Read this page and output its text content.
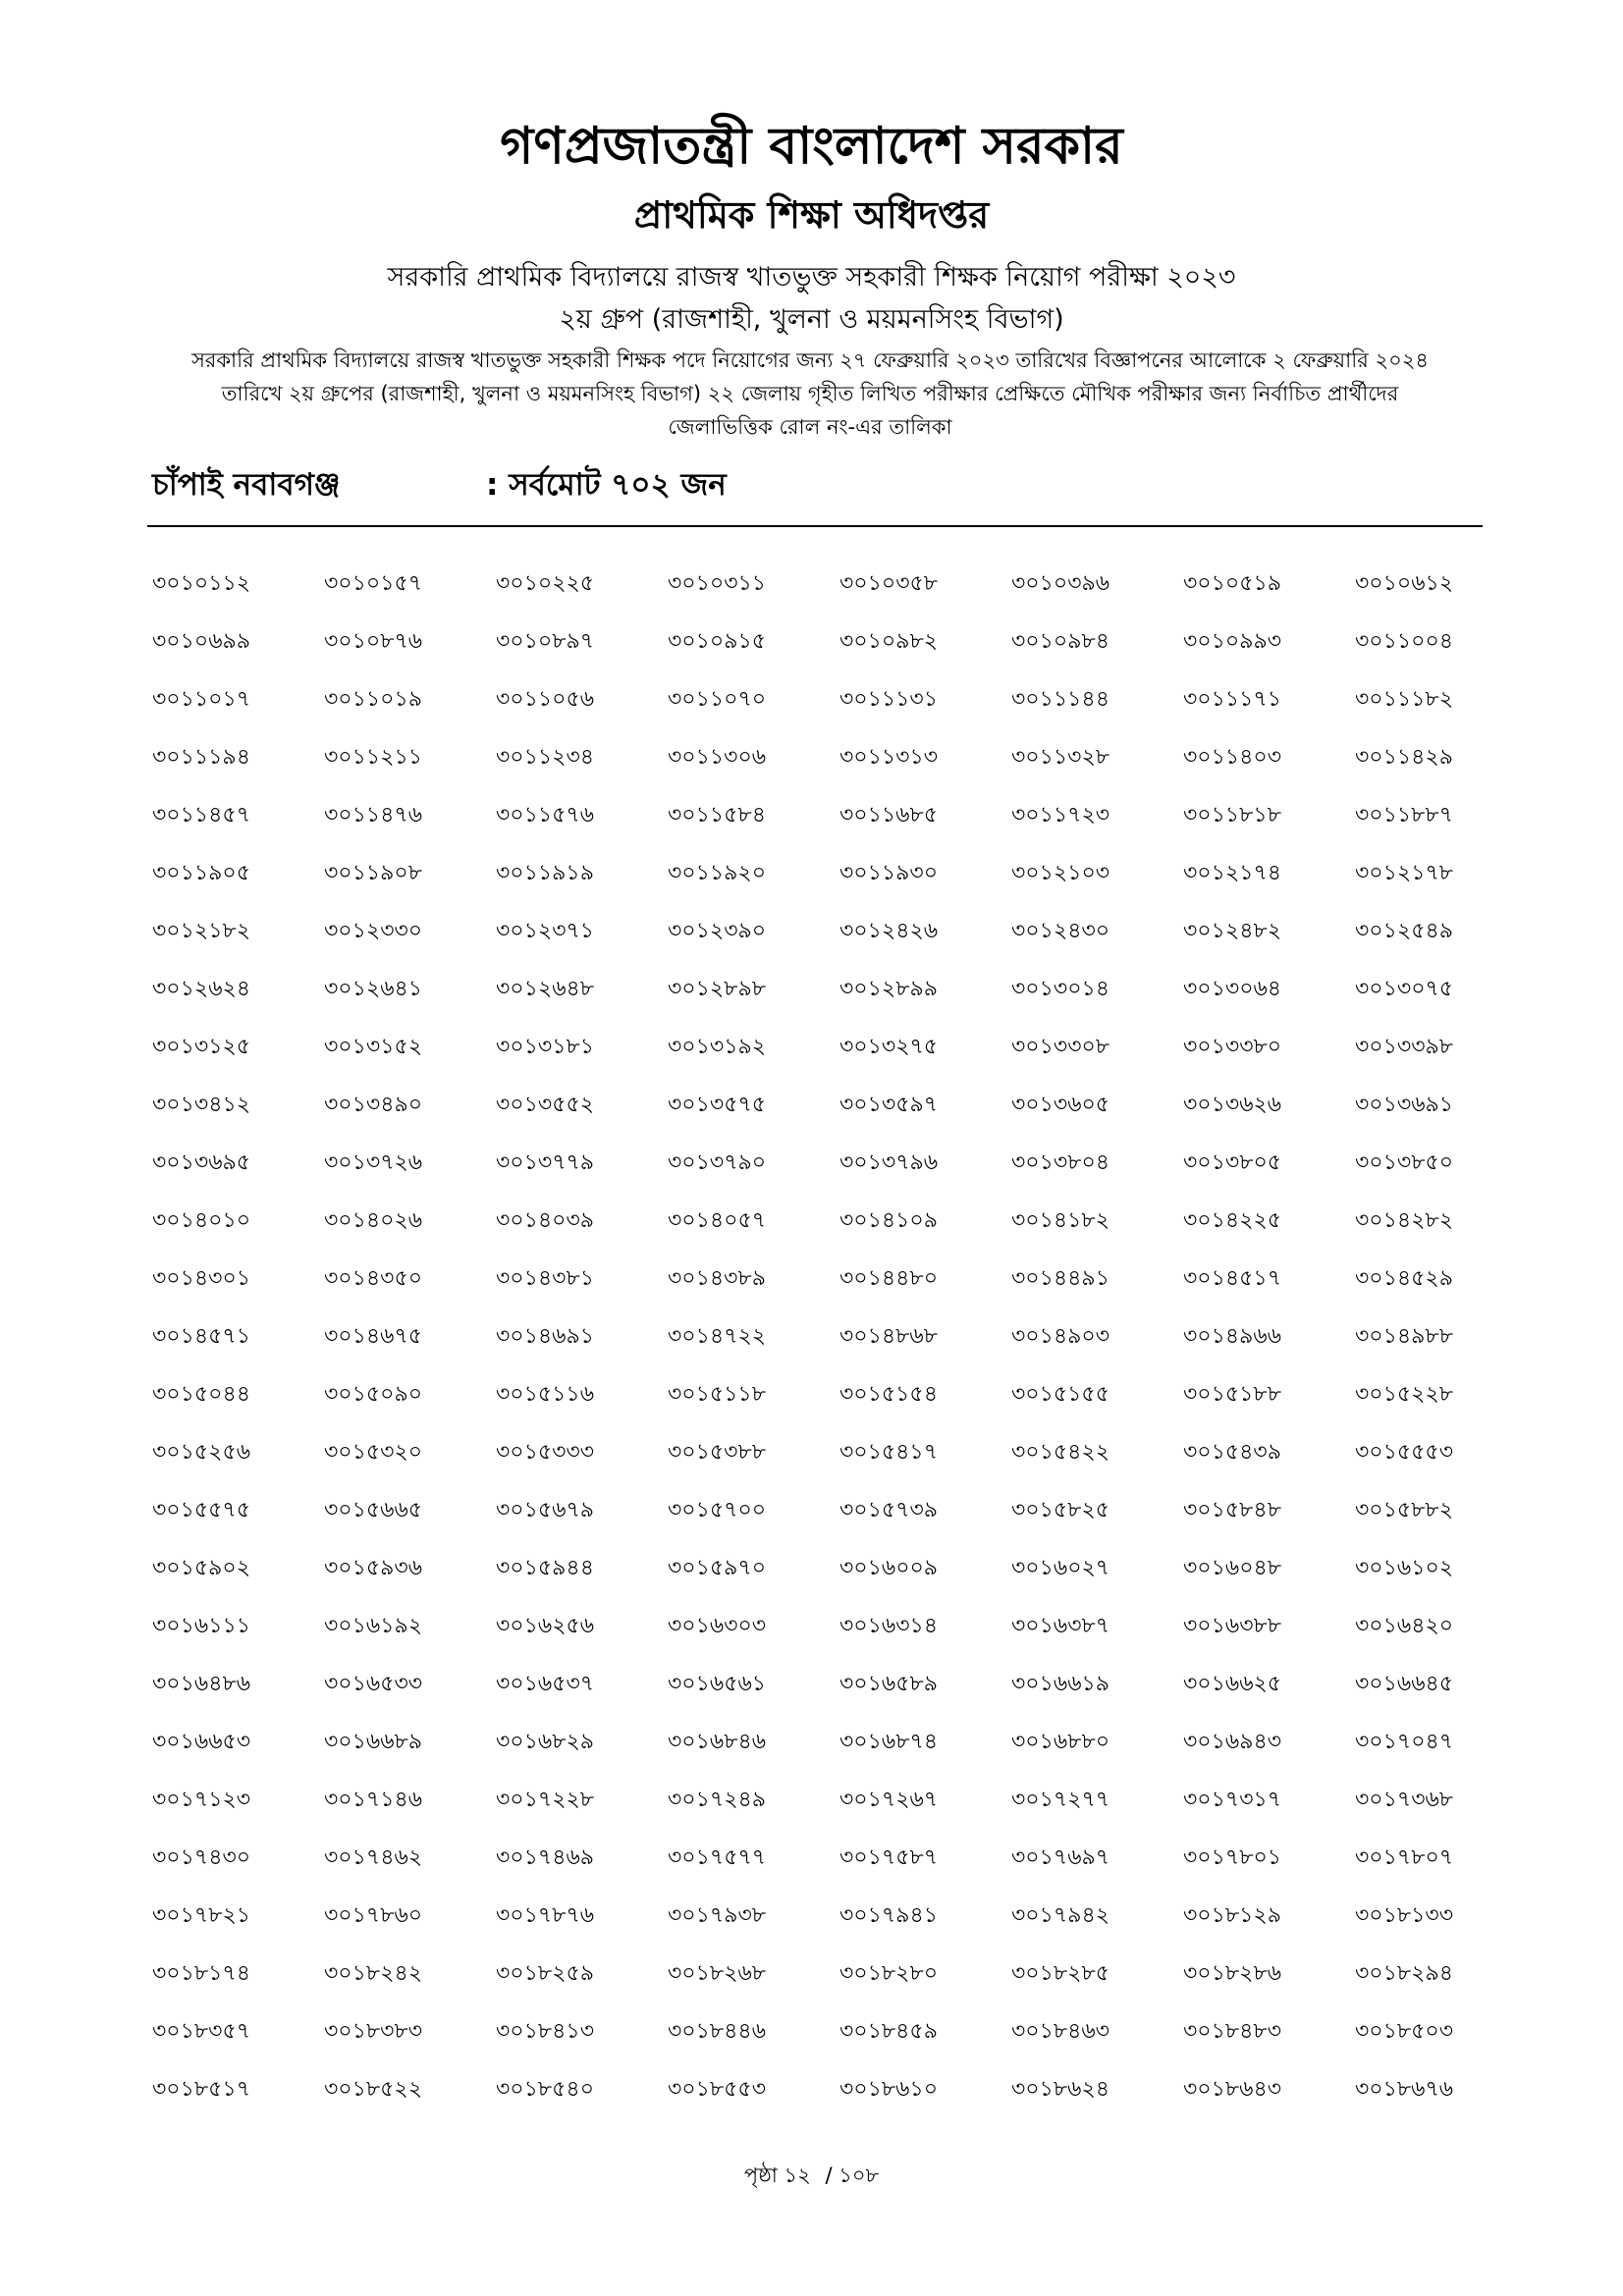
গণপ্রজাতন্ত্রী বাংলাদেশ সরকার
প্রাথমিক শিক্ষা অধিদপ্তর
সরকারি প্রাথমিক বিদ্যালয়ে রাজস্ব খাতভুক্ত সহকারী শিক্ষক নিয়োগ পরীক্ষা ২০২৩
২য় গ্রুপ (রাজশাহী, খুলনা ও ময়মনসিংহ বিভাগ)
সরকারি প্রাথমিক বিদ্যালয়ে রাজস্ব খাতভুক্ত সহকারী শিক্ষক পদে নিয়োগের জন্য ২৭ ফেব্রুয়ারি ২০২৩ তারিখের বিজ্ঞাপনের আলোকে ২ ফেব্রুয়ারি ২০২৪ তারিখে ২য় গ্রুপের (রাজশাহী, খুলনা ও ময়মনসিংহ বিভাগ) ২২ জেলায় গৃহীত লিখিত পরীক্ষার প্রেক্ষিতে মৌখিক পরীক্ষার জন্য নির্বাচিত প্রার্থীদের জেলাভিত্তিক রোল নং-এর তালিকা
চাঁপাই নবাবগঞ্জ	: সর্বমোট ৭০২ জন
৩০১০১১২	৩০১০১৫৭	৩০১০২২৫	৩০১০৩১১	৩০১০৩৫৮	৩০১০৩৯৬	৩০১০৫১৯	৩০১০৬১২
৩০১০৬৯৯	৩০১০৮৭৬	৩০১০৮৯৭	৩০১০৯১৫	৩০১০৯৮২	৩০১০৯৮৪	৩০১০৯৯৩	৩০১১০০৪
৩০১১০১৭	৩০১১০১৯	৩০১১০৫৬	৩০১১০৭০	৩০১১১৩১	৩০১১১৪৪	৩০১১১৭১	৩০১১১৮২
৩০১১১৯৪	৩০১১২১১	৩০১১২৩৪	৩০১১৩০৬	৩০১১৩১৩	৩০১১৩২৮	৩০১১৪০৩	৩০১১৪২৯
৩০১১৪৫৭	৩০১১৪৭৬	৩০১১৫৭৬	৩০১১৫৮৪	৩০১১৬৮৫	৩০১১৭২৩	৩০১১৮১৮	৩০১১৮৮৭
৩০১১৯০৫	৩০১১৯০৮	৩০১১৯১৯	৩০১১৯২০	৩০১১৯৩০	৩০১২১০৩	৩০১২১৭৪	৩০১২১৭৮
৩০১২১৮২	৩০১২৩৩০	৩০১২৩৭১	৩০১২৩৯০	৩০১২৪২৬	৩০১২৪৩০	৩০১২৪৮২	৩০১২৫৪৯
৩০১২৬২৪	৩০১২৬৪১	৩০১২৬৪৮	৩০১২৮৯৮	৩০১২৮৯৯	৩০১৩০১৪	৩০১৩০৬৪	৩০১৩০৭৫
৩০১৩১২৫	৩০১৩১৫২	৩০১৩১৮১	৩০১৩১৯২	৩০১৩২৭৫	৩০১৩৩০৮	৩০১৩৩৮০	৩০১৩৩৯৮
৩০১৩৪১২	৩০১৩৪৯০	৩০১৩৫৫২	৩০১৩৫৭৫	৩০১৩৫৯৭	৩০১৩৬০৫	৩০১৩৬২৬	৩০১৩৬৯১
৩০১৩৬৯৫	৩০১৩৭২৬	৩০১৩৭৭৯	৩০১৩৭৯০	৩০১৩৭৯৬	৩০১৩৮০৪	৩০১৩৮০৫	৩০১৩৮৫০
৩০১৪০১০	৩০১৪০২৬	৩০১৪০৩৯	৩০১৪০৫৭	৩০১৪১০৯	৩০১৪১৮২	৩০১৪২২৫	৩০১৪২৮২
৩০১৪৩০১	৩০১৪৩৫০	৩০১৪৩৮১	৩০১৪৩৮৯	৩০১৪৪৮০	৩০১৪৪৯১	৩০১৪৫১৭	৩০১৪৫২৯
৩০১৪৫৭১	৩০১৪৬৭৫	৩০১৪৬৯১	৩০১৪৭২২	৩০১৪৮৬৮	৩০১৪৯০৩	৩০১৪৯৬৬	৩০১৪৯৮৮
৩০১৫০৪৪	৩০১৫০৯০	৩০১৫১১৬	৩০১৫১১৮	৩০১৫১৫৪	৩০১৫১৫৫	৩০১৫১৮৮	৩০১৫২২৮
৩০১৫২৫৬	৩০১৫৩২০	৩০১৫৩৩৩	৩০১৫৩৮৮	৩০১৫৪১৭	৩০১৫৪২২	৩০১৫৪৩৯	৩০১৫৫৫৩
৩০১৫৫৭৫	৩০১৫৬৬৫	৩০১৫৬৭৯	৩০১৫৭০০	৩০১৫৭৩৯	৩০১৫৮২৫	৩০১৫৮৪৮	৩০১৫৮৮২
৩০১৫৯০২	৩০১৫৯৩৬	৩০১৫৯৪৪	৩০১৫৯৭০	৩০১৬০০৯	৩০১৬০২৭	৩০১৬০৪৮	৩০১৬১০২
৩০১৬১১১	৩০১৬১৯২	৩০১৬২৫৬	৩০১৬৩০৩	৩০১৬৩১৪	৩০১৬৩৮৭	৩০১৬৩৮৮	৩০১৬৪২০
৩০১৬৪৮৬	৩০১৬৫৩৩	৩০১৬৫৩৭	৩০১৬৫৬১	৩০১৬৫৮৯	৩০১৬৬১৯	৩০১৬৬২৫	৩০১৬৬৪৫
৩০১৬৬৫৩	৩০১৬৬৮৯	৩০১৬৮২৯	৩০১৬৮৪৬	৩০১৬৮৭৪	৩০১৬৮৮০	৩০১৬৯৪৩	৩০১৭০৪৭
৩০১৭১২৩	৩০১৭১৪৬	৩০১৭২২৮	৩০১৭২৪৯	৩০১৭২৬৭	৩০১৭২৭৭	৩০১৭৩১৭	৩০১৭৩৬৮
৩০১৭৪৩০	৩০১৭৪৬২	৩০১৭৪৬৯	৩০১৭৫৭৭	৩০১৭৫৮৭	৩০১৭৬৯৭	৩০১৭৮০১	৩০১৭৮০৭
৩০১৭৮২১	৩০১৭৮৬০	৩০১৭৮৭৬	৩০১৭৯৩৮	৩০১৭৯৪১	৩০১৭৯৪২	৩০১৮১২৯	৩০১৮১৩৩
৩০১৮১৭৪	৩০১৮২৪২	৩০১৮২৫৯	৩০১৮২৬৮	৩০১৮২৮০	৩০১৮২৮৫	৩০১৮২৮৬	৩০১৮২৯৪
৩০১৮৩৫৭	৩০১৮৩৮৩	৩০১৮৪১৩	৩০১৮৪৪৬	৩০১৮৪৫৯	৩০১৮৪৬৩	৩০১৮৪৮৩	৩০১৮৫০৩
৩০১৮৫১৭	৩০১৮৫২২	৩০১৮৫৪০	৩০১৮৫৫৩	৩০১৮৬১০	৩০১৮৬২৪	৩০১৮৬৪৩	৩০১৮৬৭৬
পৃষ্ঠা ১২ / ১০৮
